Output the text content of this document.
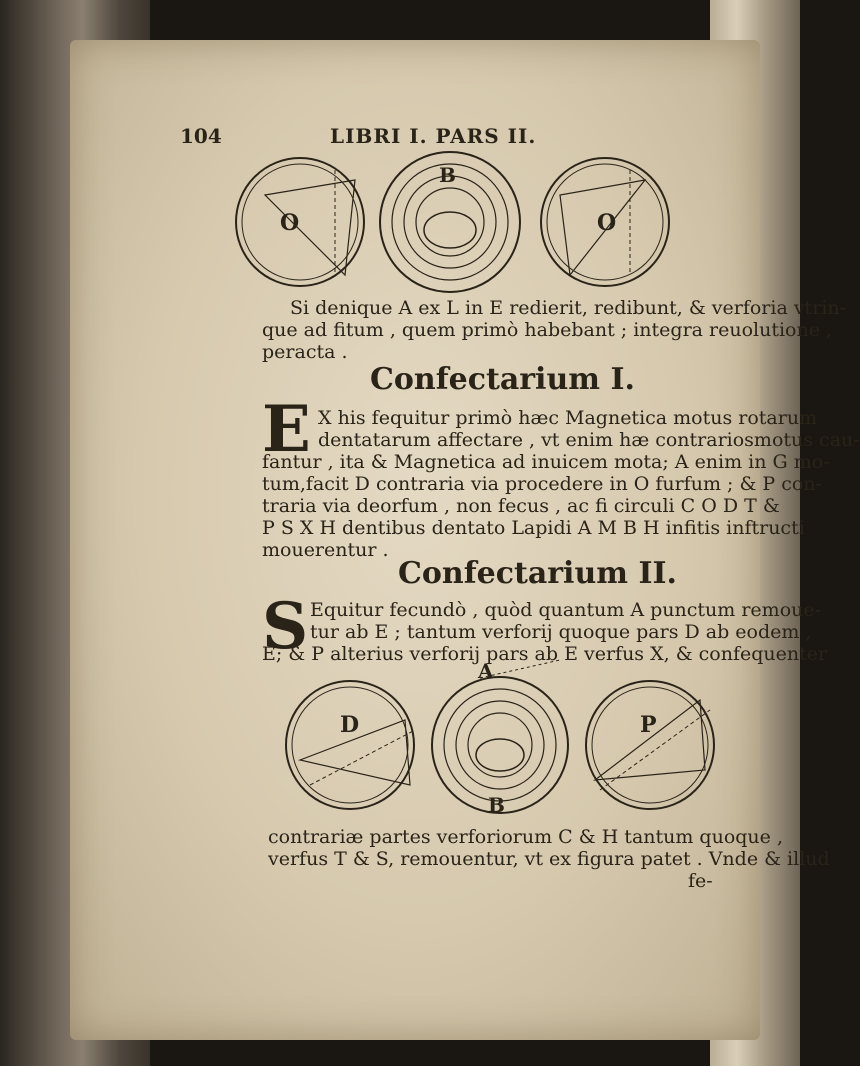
104	LIBRI I. PARS II.
O
B
O
Si denique A ex L in E redierit, redibunt, & verforia vtrin-
que ad fitum , quem primò habebant ; integra reuolutione ,
peracta .
Confectarium I.
E X his fequitur primò hæc Magnetica motus rotarum
dentatarum affectare , vt enim hæ contrariosmotus cau-
fantur , ita & Magnetica ad inuicem mota; A enim in G mo-
tum,facit D contraria via procedere in O furfum ; & P con-
traria via deorfum , non fecus , ac fi circuli C O D T &
P S X H dentibus dentato Lapidi A M B H infitis inftructi
mouerentur .
Confectarium II.
S Equitur fecundò , quòd quantum A punctum remoue-
tur ab E ; tantum verforij quoque pars D ab eodem ,
E; & P alterius verforij pars ab E verfus X, & confequenter
D
A
B
P
contrariæ partes verforiorum C & H tantum quoque ,
verfus T & S, remouentur, vt ex figura patet . Vnde & illud
fe-
